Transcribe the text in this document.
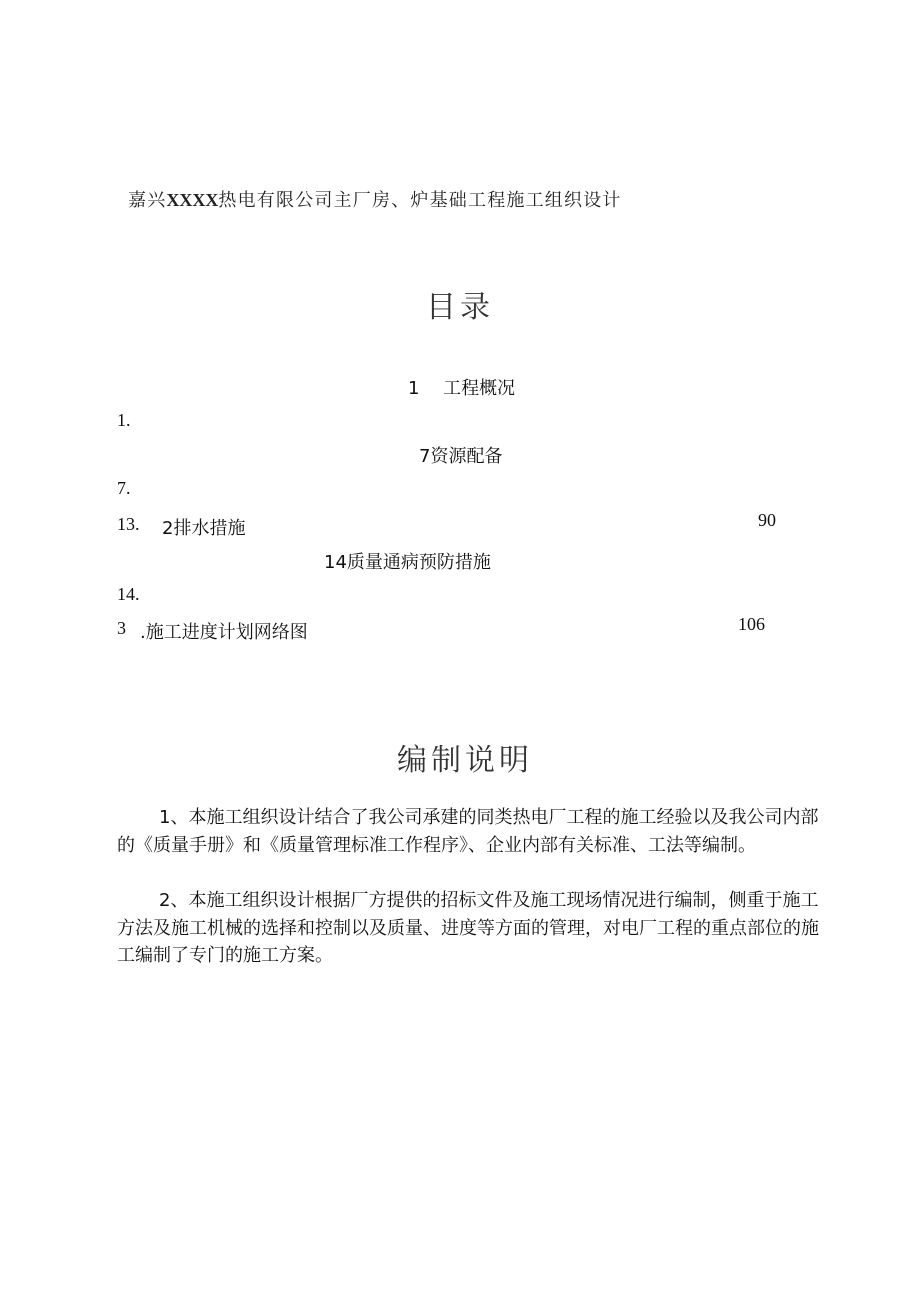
嘉兴XXXX热电有限公司主厂房、炉基础工程施工组织设计
目录
1　 工程概况
1.
7资源配备
7.
13. 2排水措施	90
14质量通病预防措施
14.
3 .施工进度计划网络图	106
编制说明
1、本施工组织设计结合了我公司承建的同类热电厂工程的施工经验以及我公司内部的《质量手册》和《质量管理标准工作程序》、企业内部有关标准、工法等编制。
2、本施工组织设计根据厂方提供的招标文件及施工现场情况进行编制，侧重于施工方法及施工机械的选择和控制以及质量、进度等方面的管理，对电厂工程的重点部位的施工编制了专门的施工方案。
